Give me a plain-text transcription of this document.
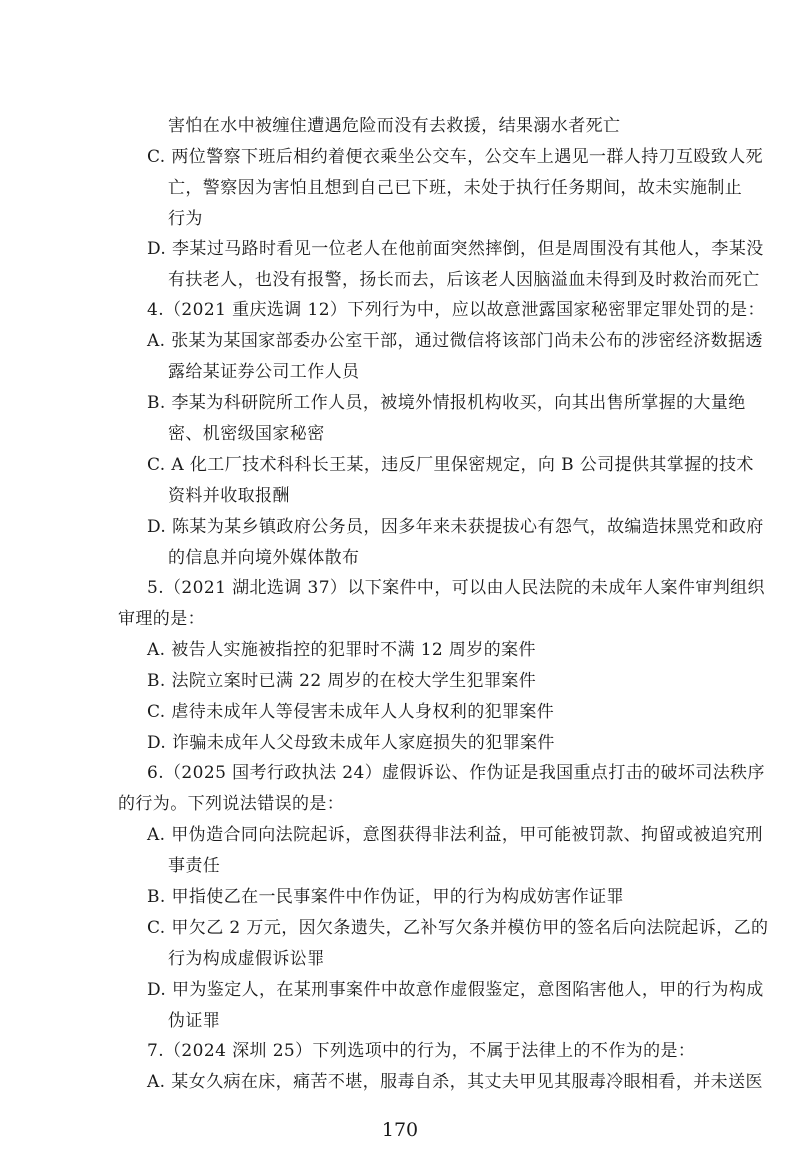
害怕在水中被缠住遭遇危险而没有去救援，结果溺水者死亡

C. 两位警察下班后相约着便衣乘坐公交车，公交车上遇见一群人持刀互殴致人死

亡，警察因为害怕且想到自己已下班，未处于执行任务期间，故未实施制止

行为

D. 李某过马路时看见一位老人在他前面突然摔倒，但是周围没有其他人，李某没

有扶老人，也没有报警，扬长而去，后该老人因脑溢血未得到及时救治而死亡

4.（2021 重庆选调 12）下列行为中，应以故意泄露国家秘密罪定罪处罚的是：

A. 张某为某国家部委办公室干部，通过微信将该部门尚未公布的涉密经济数据透

露给某证券公司工作人员

B. 李某为科研院所工作人员，被境外情报机构收买，向其出售所掌握的大量绝

密、机密级国家秘密

C. A 化工厂技术科科长王某，违反厂里保密规定，向 B 公司提供其掌握的技术

资料并收取报酬

D. 陈某为某乡镇政府公务员，因多年来未获提拔心有怨气，故编造抹黑党和政府

的信息并向境外媒体散布

5.（2021 湖北选调 37）以下案件中，可以由人民法院的未成年人案件审判组织

审理的是：

A. 被告人实施被指控的犯罪时不满 12 周岁的案件

B. 法院立案时已满 22 周岁的在校大学生犯罪案件

C. 虐待未成年人等侵害未成年人人身权利的犯罪案件

D. 诈骗未成年人父母致未成年人家庭损失的犯罪案件

6.（2025 国考行政执法 24）虚假诉讼、作伪证是我国重点打击的破坏司法秩序

的行为。下列说法错误的是：

A. 甲伪造合同向法院起诉，意图获得非法利益，甲可能被罚款、拘留或被追究刑

事责任

B. 甲指使乙在一民事案件中作伪证，甲的行为构成妨害作证罪

C. 甲欠乙 2 万元，因欠条遗失，乙补写欠条并模仿甲的签名后向法院起诉，乙的

行为构成虚假诉讼罪

D. 甲为鉴定人，在某刑事案件中故意作虚假鉴定，意图陷害他人，甲的行为构成

伪证罪

7.（2024 深圳 25）下列选项中的行为，不属于法律上的不作为的是：

A. 某女久病在床，痛苦不堪，服毒自杀，其丈夫甲见其服毒冷眼相看，并未送医

170
